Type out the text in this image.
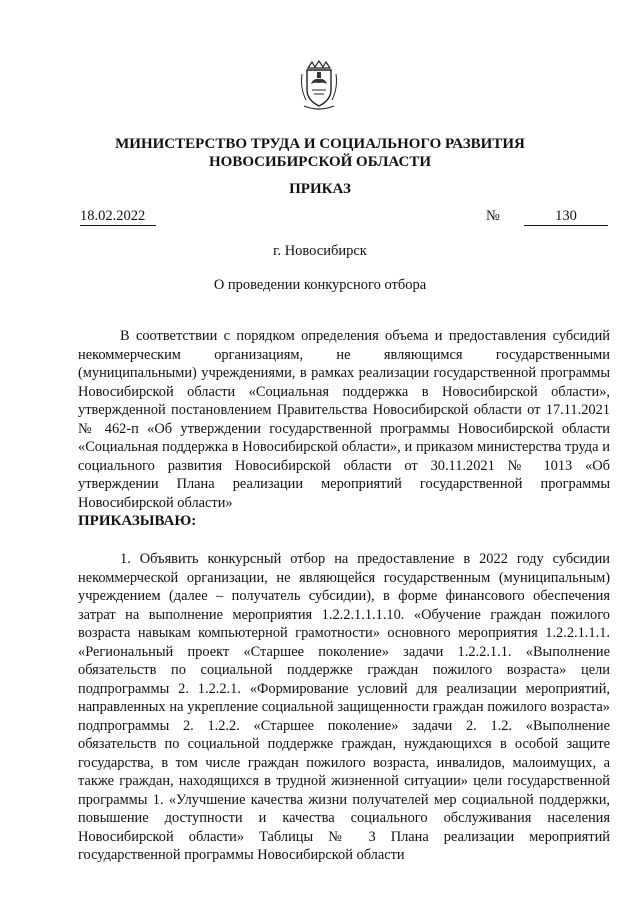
МИНИСТЕРСТВО ТРУДА И СОЦИАЛЬНОГО РАЗВИТИЯ
НОВОСИБИРСКОЙ ОБЛАСТИ
ПРИКАЗ
18.02.2022	№	130
г. Новосибирск
О проведении конкурсного отбора

В соответствии с порядком определения объема и предоставления субсидий некоммерческим организациям, не являющимся государственными (муниципальными) учреждениями, в рамках реализации государственной программы Новосибирской области «Социальная поддержка в Новосибирской области», утвержденной постановлением Правительства Новосибирской области от 17.11.2021 № 462-п «Об утверждении государственной программы Новосибирской области «Социальная поддержка в Новосибирской области», и приказом министерства труда и социального развития Новосибирской области от 30.11.2021 № 1013 «Об утверждении Плана реализации мероприятий государственной программы Новосибирской области»

ПРИКАЗЫВАЮ:

1. Объявить конкурсный отбор на предоставление в 2022 году субсидии некоммерческой организации, не являющейся государственным (муниципальным) учреждением (далее – получатель субсидии), в форме финансового обеспечения затрат на выполнение мероприятия 1.2.2.1.1.1.10. «Обучение граждан пожилого возраста навыкам компьютерной грамотности» основного мероприятия 1.2.2.1.1.1. «Региональный проект «Старшее поколение» задачи 1.2.2.1.1. «Выполнение обязательств по социальной поддержке граждан пожилого возраста» цели подпрограммы 2. 1.2.2.1. «Формирование условий для реализации мероприятий, направленных на укрепление социальной защищенности граждан пожилого возраста» подпрограммы 2. 1.2.2. «Старшее поколение» задачи 2. 1.2. «Выполнение обязательств по социальной поддержке граждан, нуждающихся в особой защите государства, в том числе граждан пожилого возраста, инвалидов, малоимущих, а также граждан, находящихся в трудной жизненной ситуации» цели государственной программы 1. «Улучшение качества жизни получателей мер социальной поддержки, повышение доступности и качества социального обслуживания населения Новосибирской области» Таблицы № 3 Плана реализации мероприятий государственной программы Новосибирской области
